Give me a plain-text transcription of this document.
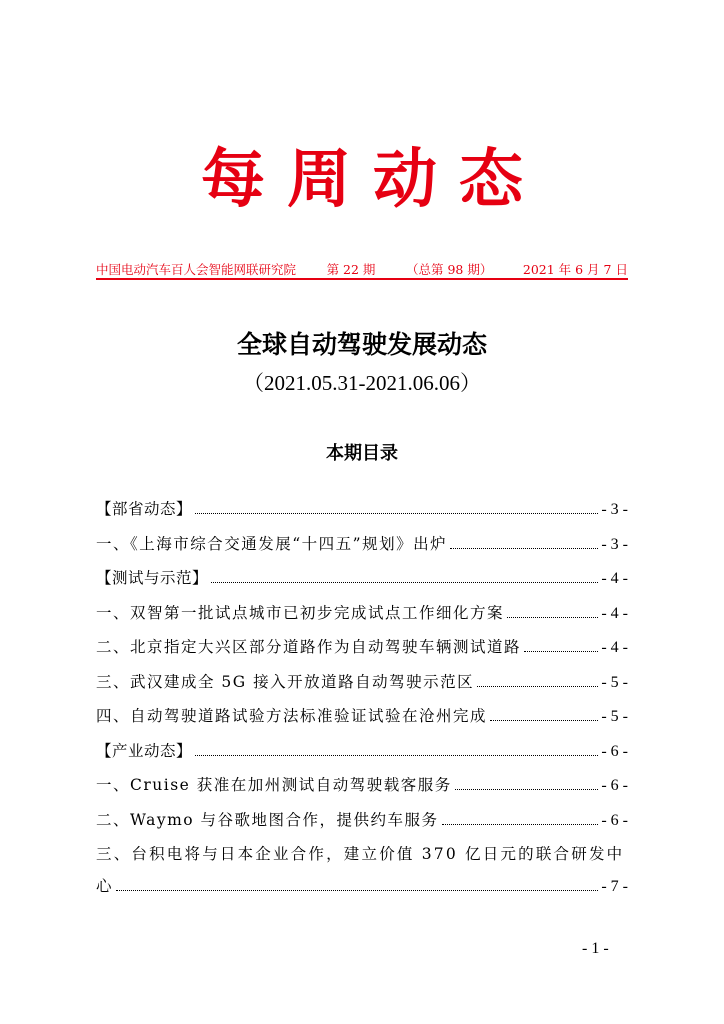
每周动态
中国电动汽车百人会智能网联研究院 第 22 期 （总第 98 期） 2021 年 6 月 7 日
全球自动驾驶发展动态
（2021.05.31-2021.06.06）
本期目录
【部省动态】	- 3 -
一、《上海市综合交通发展“十四五”规划》出炉	- 3 -
【测试与示范】	- 4 -
一、双智第一批试点城市已初步完成试点工作细化方案	- 4 -
二、北京指定大兴区部分道路作为自动驾驶车辆测试道路	- 4 -
三、武汉建成全 5G 接入开放道路自动驾驶示范区	- 5 -
四、自动驾驶道路试验方法标准验证试验在沧州完成	- 5 -
【产业动态】	- 6 -
一、Cruise 获准在加州测试自动驾驶载客服务	- 6 -
二、Waymo 与谷歌地图合作，提供约车服务	- 6 -
三、台积电将与日本企业合作，建立价值 370 亿日元的联合研发中
心	- 7 -
- 1 -
